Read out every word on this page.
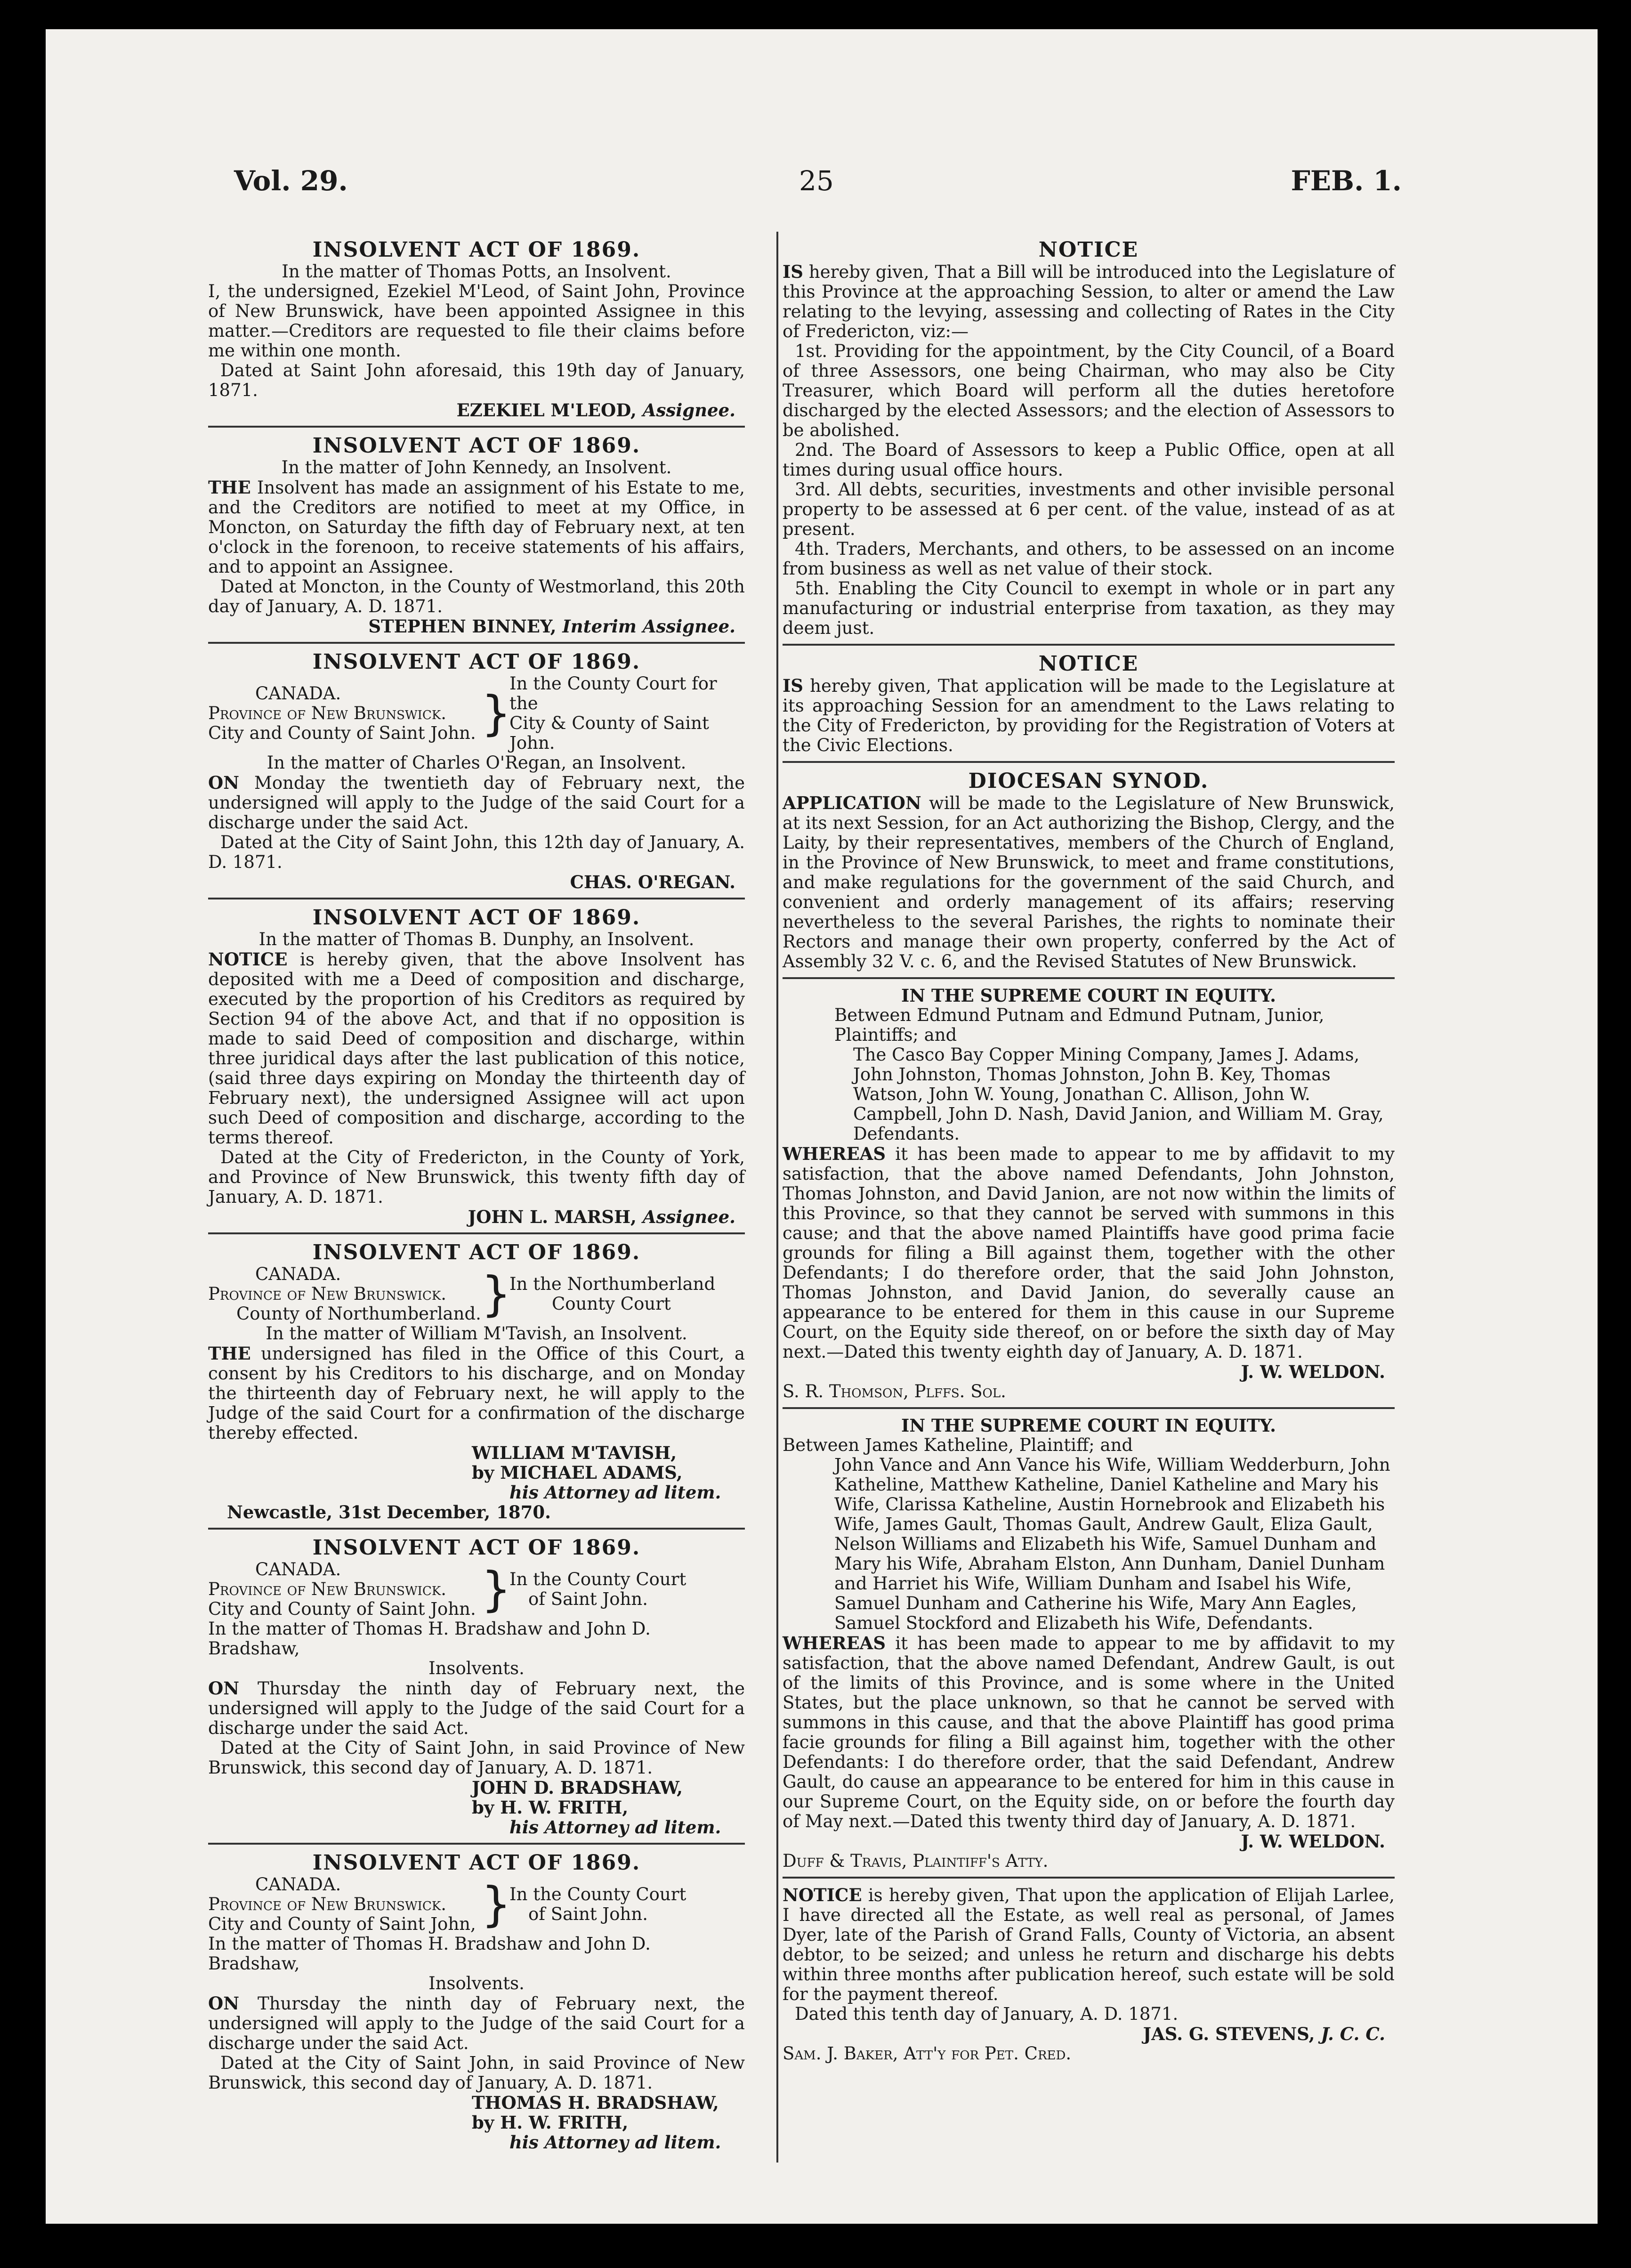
Vol. 29.	25	FEB. 1.
INSOLVENT ACT OF 1869.
In the matter of Thomas Potts, an Insolvent.

I, the undersigned, Ezekiel M'Leod, of Saint John, Province of New Brunswick, have been appointed Assignee in this matter.—Creditors are requested to file their claims before me within one month.

Dated at Saint John aforesaid, this 19th day of January, 1871.

EZEKIEL M'LEOD, Assignee.
INSOLVENT ACT OF 1869.
In the matter of John Kennedy, an Insolvent.

THE Insolvent has made an assignment of his Estate to me, and the Creditors are notified to meet at my Office, in Moncton, on Saturday the fifth day of February next, at ten o'clock in the forenoon, to receive statements of his affairs, and to appoint an Assignee.

Dated at Moncton, in the County of Westmorland, this 20th day of January, A. D. 1871.

STEPHEN BINNEY, Interim Assignee.
INSOLVENT ACT OF 1869.
CANADA.
Province of New Brunswick.
City and County of Saint John. }
In the County Court for the
City & County of Saint John.
In the matter of Charles O'Regan, an Insolvent.

ON Monday the twentieth day of February next, the undersigned will apply to the Judge of the said Court for a discharge under the said Act.

Dated at the City of Saint John, this 12th day of January, A. D. 1871.

CHAS. O'REGAN.
INSOLVENT ACT OF 1869.
In the matter of Thomas B. Dunphy, an Insolvent.

NOTICE is hereby given, that the above Insolvent has deposited with me a Deed of composition and discharge, executed by the proportion of his Creditors as required by Section 94 of the above Act, and that if no opposition is made to said Deed of composition and discharge, within three juridical days after the last publication of this notice, (said three days expiring on Monday the thirteenth day of February next), the undersigned Assignee will act upon such Deed of composition and discharge, according to the terms thereof.

Dated at the City of Fredericton, in the County of York, and Province of New Brunswick, this twenty fifth day of January, A. D. 1871.

JOHN L. MARSH, Assignee.
INSOLVENT ACT OF 1869.
CANADA.
Province of New Brunswick.
County of Northumberland. }
In the Northumberland
County Court
In the matter of William M'Tavish, an Insolvent.

THE undersigned has filed in the Office of this Court, a consent by his Creditors to his discharge, and on Monday the thirteenth day of February next, he will apply to the Judge of the said Court for a confirmation of the discharge thereby effected.

WILLIAM M'TAVISH,
by MICHAEL ADAMS,
his Attorney ad litem.
Newcastle, 31st December, 1870.
INSOLVENT ACT OF 1869.
CANADA.
Province of New Brunswick.
City and County of Saint John. }
In the County Court
of Saint John.
In the matter of Thomas H. Bradshaw and John D. Bradshaw,
Insolvents.

ON Thursday the ninth day of February next, the undersigned will apply to the Judge of the said Court for a discharge under the said Act.

Dated at the City of Saint John, in said Province of New Brunswick, this second day of January, A. D. 1871.

JOHN D. BRADSHAW,
by H. W. FRITH,
his Attorney ad litem.
INSOLVENT ACT OF 1869.
CANADA.
Province of New Brunswick.
City and County of Saint John, }
In the County Court
of Saint John.
In the matter of Thomas H. Bradshaw and John D. Bradshaw,
Insolvents.

ON Thursday the ninth day of February next, the undersigned will apply to the Judge of the said Court for a discharge under the said Act.

Dated at the City of Saint John, in said Province of New Brunswick, this second day of January, A. D. 1871.

THOMAS H. BRADSHAW,
by H. W. FRITH,
his Attorney ad litem.
NOTICE

IS hereby given, That a Bill will be introduced into the Legislature of this Province at the approaching Session, to alter or amend the Law relating to the levying, assessing and collecting of Rates in the City of Fredericton, viz:—

1st. Providing for the appointment, by the City Council, of a Board of three Assessors, one being Chairman, who may also be City Treasurer, which Board will perform all the duties heretofore discharged by the elected Assessors; and the election of Assessors to be abolished.

2nd. The Board of Assessors to keep a Public Office, open at all times during usual office hours.

3rd. All debts, securities, investments and other invisible personal property to be assessed at 6 per cent. of the value, instead of as at present.

4th. Traders, Merchants, and others, to be assessed on an income from business as well as net value of their stock.

5th. Enabling the City Council to exempt in whole or in part any manufacturing or industrial enterprise from taxation, as they may deem just.

NOTICE

IS hereby given, That application will be made to the Legislature at its approaching Session for an amendment to the Laws relating to the City of Fredericton, by providing for the Registration of Voters at the Civic Elections.

DIOCESAN SYNOD.

APPLICATION will be made to the Legislature of New Brunswick, at its next Session, for an Act authorizing the Bishop, Clergy, and the Laity, by their representatives, members of the Church of England, in the Province of New Brunswick, to meet and frame constitutions, and make regulations for the government of the said Church, and convenient and orderly management of its affairs; reserving nevertheless to the several Parishes, the rights to nominate their Rectors and manage their own property, conferred by the Act of Assembly 32 V. c. 6, and the Revised Statutes of New Brunswick.

IN THE SUPREME COURT IN EQUITY.
Between Edmund Putnam and Edmund Putnam, Junior, Plaintiffs; and
The Casco Bay Copper Mining Company, James J. Adams, John Johnston, Thomas Johnston, John B. Key, Thomas Watson, John W. Young, Jonathan C. Allison, John W. Campbell, John D. Nash, David Janion, and William M. Gray, Defendants.

WHEREAS it has been made to appear to me by affidavit to my satisfaction, that the above named Defendants, John Johnston, Thomas Johnston, and David Janion, are not now within the limits of this Province, so that they cannot be served with summons in this cause; and that the above named Plaintiffs have good prima facie grounds for filing a Bill against them, together with the other Defendants; I do therefore order, that the said John Johnston, Thomas Johnston, and David Janion, do severally cause an appearance to be entered for them in this cause in our Supreme Court, on the Equity side thereof, on or before the sixth day of May next.—Dated this twenty eighth day of January, A. D. 1871.

J. W. WELDON.
S. R. Thomson, Plffs. Sol.
IN THE SUPREME COURT IN EQUITY.
Between James Katheline, Plaintiff; and
John Vance and Ann Vance his Wife, William Wedderburn, John Katheline, Matthew Katheline, Daniel Katheline and Mary his Wife, Clarissa Katheline, Austin Hornebrook and Elizabeth his Wife, James Gault, Thomas Gault, Andrew Gault, Eliza Gault, Nelson Williams and Elizabeth his Wife, Samuel Dunham and Mary his Wife, Abraham Elston, Ann Dunham, Daniel Dunham and Harriet his Wife, William Dunham and Isabel his Wife, Samuel Dunham and Catherine his Wife, Mary Ann Eagles, Samuel Stockford and Elizabeth his Wife, Defendants.

WHEREAS it has been made to appear to me by affidavit to my satisfaction, that the above named Defendant, Andrew Gault, is out of the limits of this Province, and is some where in the United States, but the place unknown, so that he cannot be served with summons in this cause, and that the above Plaintiff has good prima facie grounds for filing a Bill against him, together with the other Defendants: I do therefore order, that the said Defendant, Andrew Gault, do cause an appearance to be entered for him in this cause in our Supreme Court, on the Equity side, on or before the fourth day of May next.—Dated this twenty third day of January, A. D. 1871.

J. W. WELDON.
Duff & Travis, Plaintiff's Atty.

NOTICE is hereby given, That upon the application of Elijah Larlee, I have directed all the Estate, as well real as personal, of James Dyer, late of the Parish of Grand Falls, County of Victoria, an absent debtor, to be seized; and unless he return and discharge his debts within three months after publication hereof, such estate will be sold for the payment thereof.

Dated this tenth day of January, A. D. 1871.

JAS. G. STEVENS, J. C. C.
Sam. J. Baker, Att'y for Pet. Cred.
